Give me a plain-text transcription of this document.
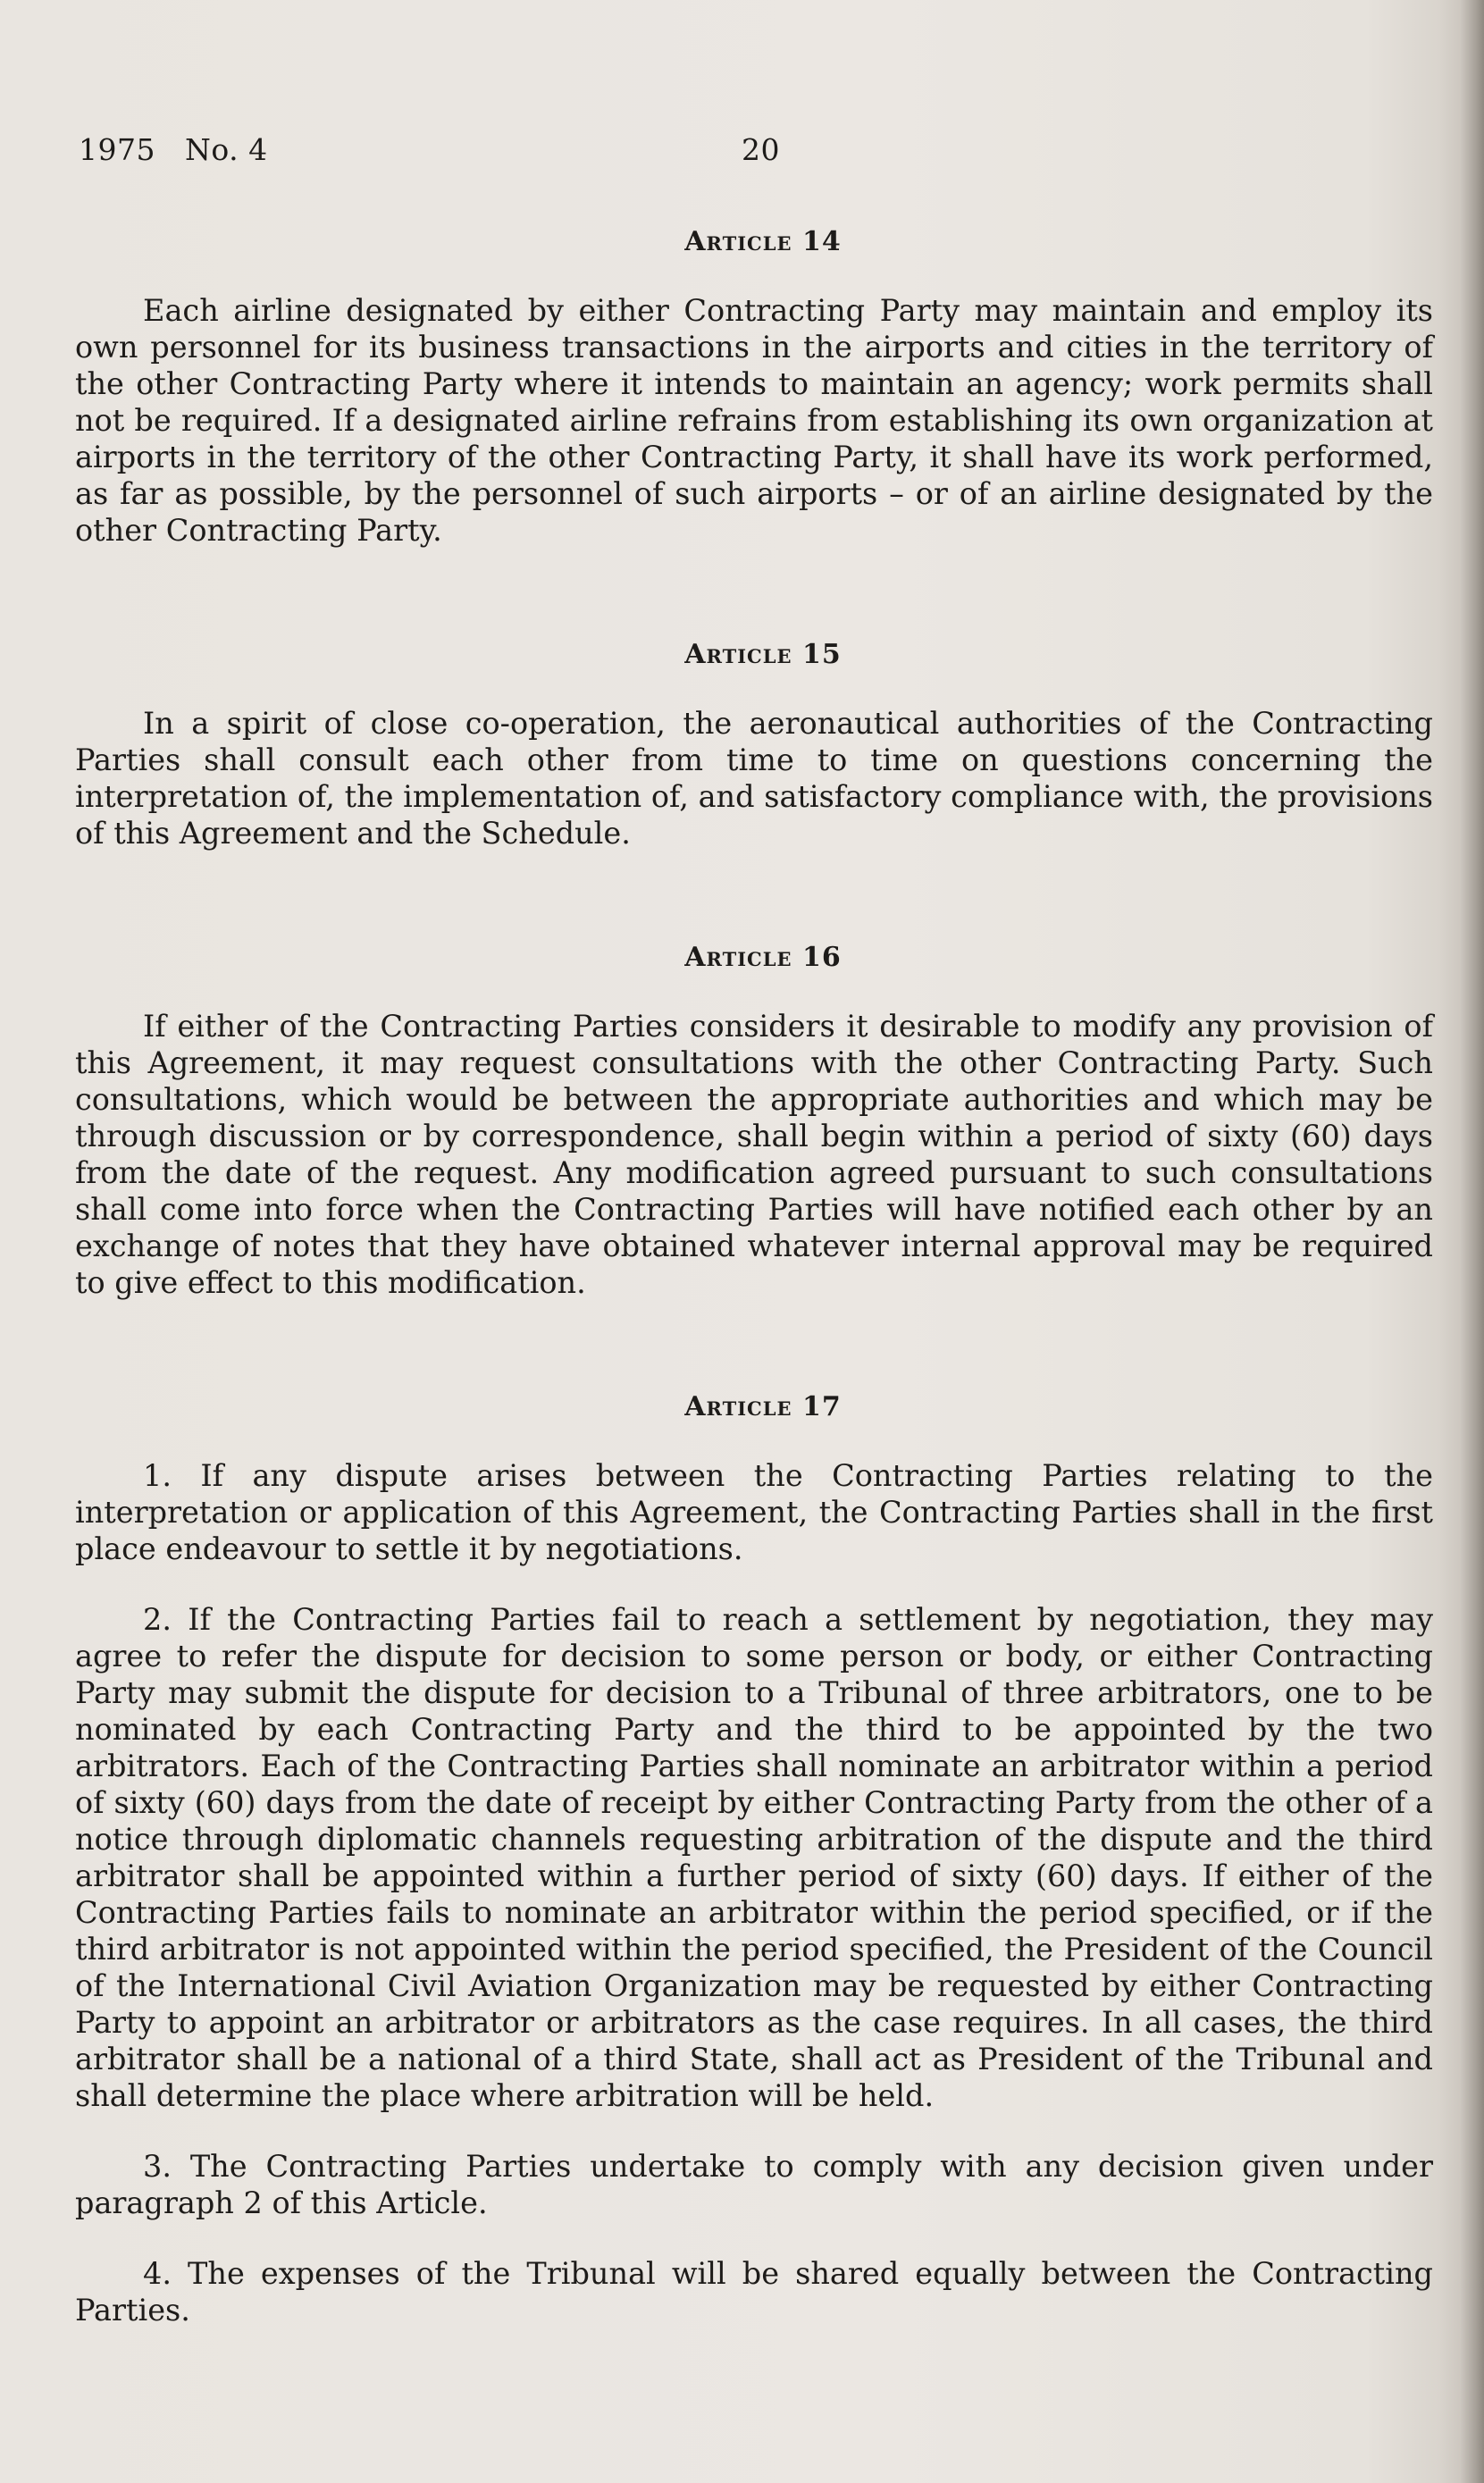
1975   No. 4	20
Article 14

Each airline designated by either Contracting Party may maintain and employ its own personnel for its business transactions in the airports and cities in the territory of the other Contracting Party where it intends to maintain an agency; work permits shall not be required. If a designated airline refrains from establishing its own organization at airports in the territory of the other Contracting Party, it shall have its work performed, as far as possible, by the personnel of such airports – or of an airline designated by the other Contracting Party.

Article 15

In a spirit of close co-operation, the aeronautical authorities of the Contracting Parties shall consult each other from time to time on questions concerning the interpretation of, the implementation of, and satisfactory compliance with, the provisions of this Agreement and the Schedule.

Article 16

If either of the Contracting Parties considers it desirable to modify any provision of this Agreement, it may request consultations with the other Contracting Party. Such consultations, which would be between the appropriate authorities and which may be through discussion or by correspondence, shall begin within a period of sixty (60) days from the date of the request. Any modification agreed pursuant to such consultations shall come into force when the Contracting Parties will have notified each other by an exchange of notes that they have obtained whatever internal approval may be required to give effect to this modification.

Article 17

1. If any dispute arises between the Contracting Parties relating to the interpretation or application of this Agreement, the Contracting Parties shall in the first place endeavour to settle it by negotiations.

2. If the Contracting Parties fail to reach a settlement by negotiation, they may agree to refer the dispute for decision to some person or body, or either Contracting Party may submit the dispute for decision to a Tribunal of three arbitrators, one to be nominated by each Contracting Party and the third to be appointed by the two arbitrators. Each of the Contracting Parties shall nominate an arbitrator within a period of sixty (60) days from the date of receipt by either Contracting Party from the other of a notice through diplomatic channels requesting arbitration of the dispute and the third arbitrator shall be appointed within a further period of sixty (60) days. If either of the Contracting Parties fails to nominate an arbitrator within the period specified, or if the third arbitrator is not appointed within the period specified, the President of the Council of the International Civil Aviation Organization may be requested by either Contracting Party to appoint an arbitrator or arbitrators as the case requires. In all cases, the third arbitrator shall be a national of a third State, shall act as President of the Tribunal and shall determine the place where arbitration will be held.

3. The Contracting Parties undertake to comply with any decision given under paragraph 2 of this Article.

4. The expenses of the Tribunal will be shared equally between the Contracting Parties.
